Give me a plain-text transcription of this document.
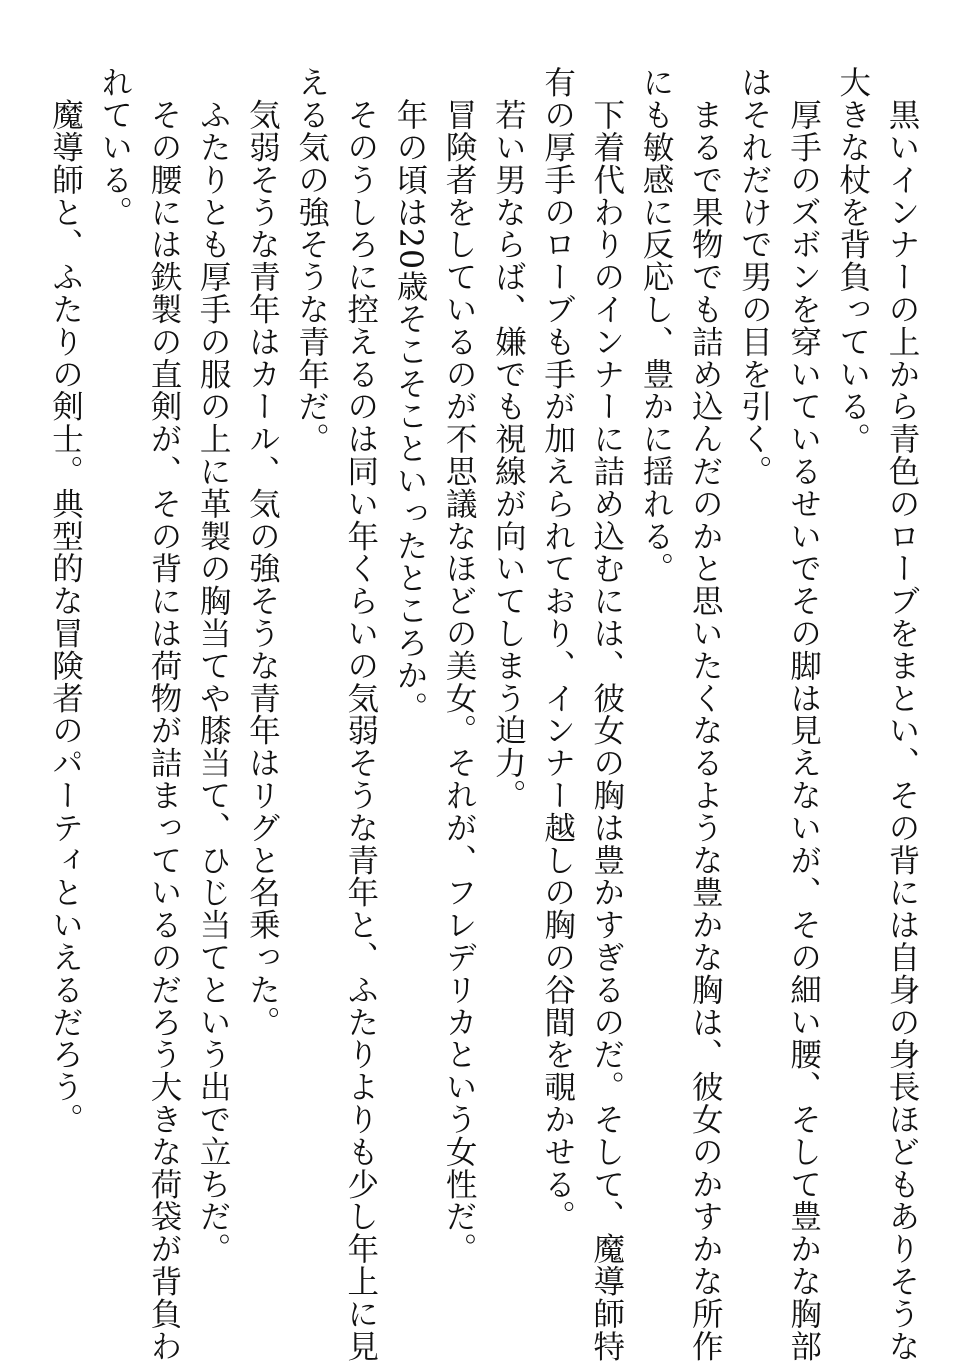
　黒いインナーの上から青色のローブをまとい、その背には自身の身長ほどもありそうな
大きな杖を背負っている。
　厚手のズボンを穿いているせいでその脚は見えないが、その細い腰、そして豊かな胸部
はそれだけで男の目を引く。
　まるで果物でも詰め込んだのかと思いたくなるような豊かな胸は、彼女のかすかな所作
にも敏感に反応し、豊かに揺れる。
　下着代わりのインナーに詰め込むには、彼女の胸は豊かすぎるのだ。そして、魔導師特
有の厚手のローブも手が加えられており、インナー越しの胸の谷間を覗かせる。
　若い男ならば、嫌でも視線が向いてしまう迫力。
　冒険者をしているのが不思議なほどの美女。それが、フレデリカという女性だ。
　年の頃は20歳そこそこといったところか。
　そのうしろに控えるのは同い年くらいの気弱そうな青年と、ふたりよりも少し年上に見
える気の強そうな青年だ。
　気弱そうな青年はカール、気の強そうな青年はリグと名乗った。
　ふたりとも厚手の服の上に革製の胸当てや膝当て、ひじ当てという出で立ちだ。
　その腰には鉄製の直剣が、その背には荷物が詰まっているのだろう大きな荷袋が背負わ
れている。
　魔導師と、ふたりの剣士。典型的な冒険者のパーティといえるだろう。
